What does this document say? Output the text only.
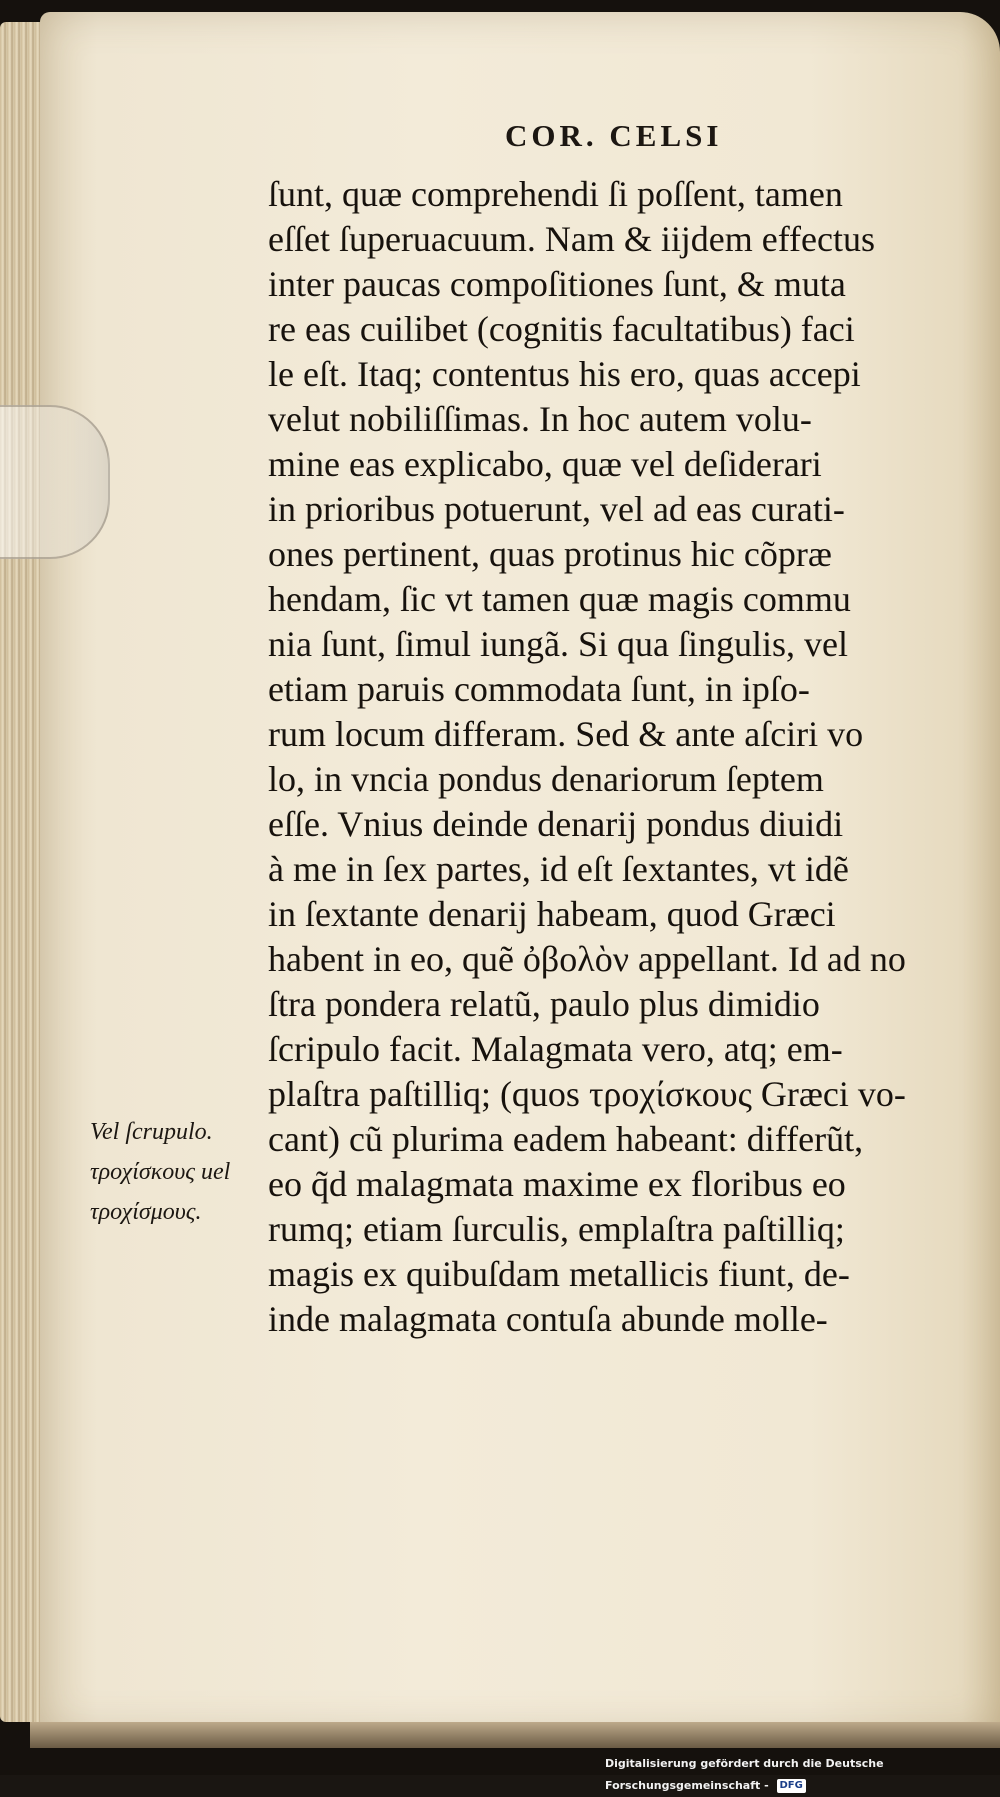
COR. CELSI
ſunt, quæ comprehendi ſi poſſent, tamen
eſſet ſuperuacuum. Nam & iĳdem effectus
inter paucas compoſitiones ſunt, & muta
re eas cuilibet (cognitis facultatibus) faci
le eſt. Itaq; contentus his ero, quas accepi
velut nobiliſſimas. In hoc autem volu-
mine eas explicabo, quæ vel deſiderari
in prioribus potuerunt, vel ad eas curati-
ones pertinent, quas protinus hic cõpræ
hendam, ſic vt tamen quæ magis commu
nia ſunt, ſimul iungã. Si qua ſingulis, vel
etiam paruis commodata ſunt, in ipſo-
rum locum differam. Sed & ante aſciri vo
lo, in vncia pondus denariorum ſeptem
eſſe. Vnius deinde denarĳ pondus diuidi
à me in ſex partes, id eſt ſextantes, vt idẽ
in ſextante denarĳ habeam, quod Græci
habent in eo, quẽ ὀβολὸν appellant. Id ad no
ſtra pondera relatũ, paulo plus dimidio
ſcripulo facit. Malagmata vero, atq; em-
plaſtra paſtilliq; (quos τροχίσκους Græci vo-
cant) cũ plurima eadem habeant: differũt,
eo q̃d malagmata maxime ex floribus eo
rumq; etiam ſurculis, emplaſtra paſtilliq;
magis ex quibuſdam metallicis fiunt, de-
inde malagmata contuſa abunde molle-
Vel ſcrupulo.
τροχίσκους uel
τροχίσμους.
Digitalisierung gefördert durch die Deutsche Forschungsgemeinschaft - DFG
